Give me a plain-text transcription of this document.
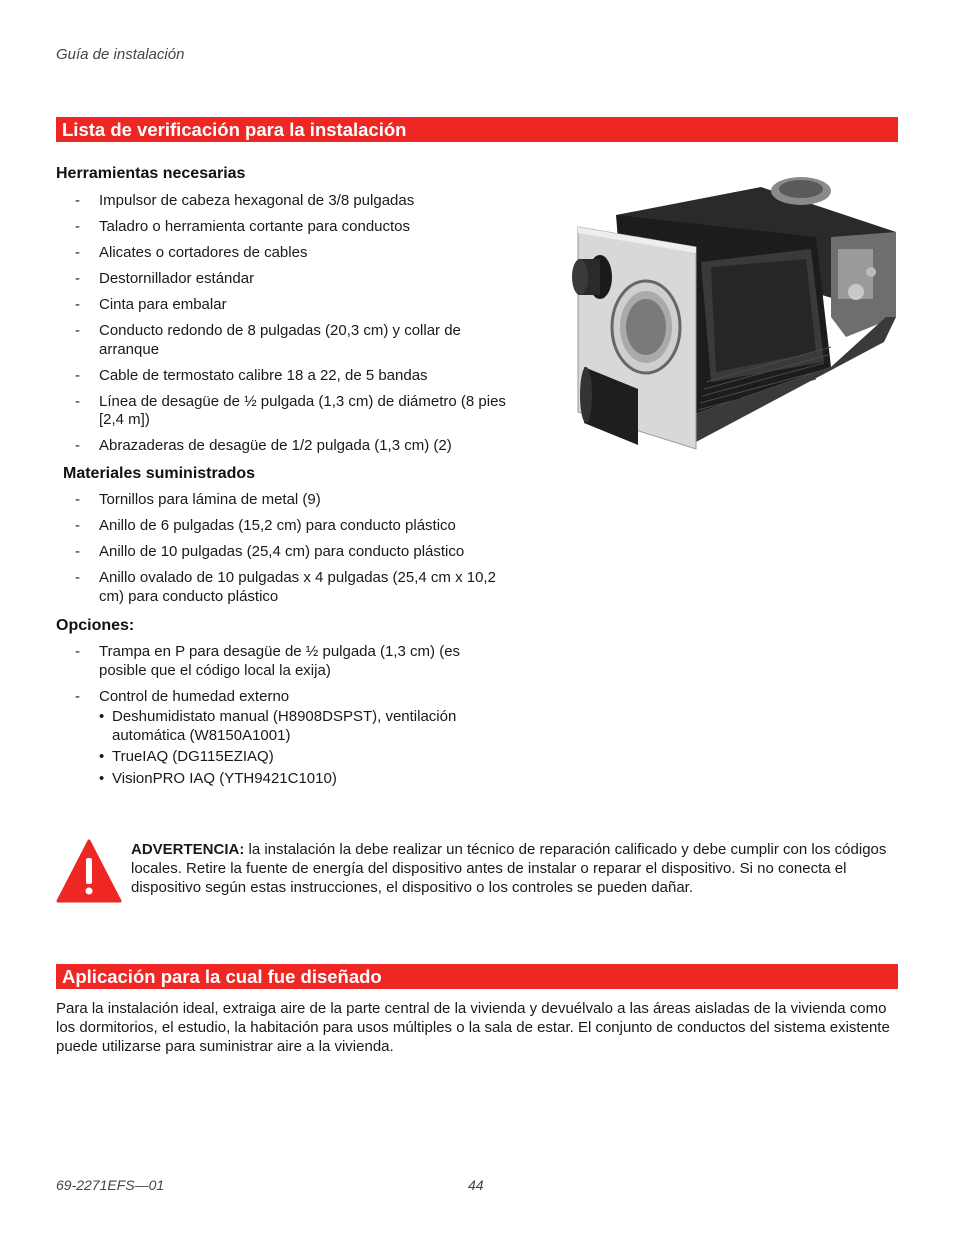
Guía de instalación
Lista de verificación para la instalación
Herramientas necesarias
- Impulsor de cabeza hexagonal de 3/8 pulgadas
- Taladro o herramienta cortante para conductos
- Alicates o cortadores de cables
- Destornillador estándar
- Cinta para embalar
- Conducto redondo de 8 pulgadas (20,3 cm) y collar de arranque
- Cable de termostato calibre 18 a 22, de 5 bandas
- Línea de desagüe de ½ pulgada (1,3 cm) de diámetro (8 pies [2,4 m])
- Abrazaderas de desagüe de 1/2 pulgada (1,3 cm) (2)
Materiales suministrados
- Tornillos para lámina de metal (9)
- Anillo de 6 pulgadas (15,2 cm) para conducto plástico
- Anillo de 10 pulgadas (25,4 cm) para conducto plástico
- Anillo ovalado de 10 pulgadas x 4 pulgadas (25,4 cm x 10,2 cm) para conducto plástico
Opciones:
- Trampa en P para desagüe de ½ pulgada (1,3 cm) (es posible que el código local la exija)
- Control de humedad externo
• Deshumidistato manual (H8908DSPST), ventilación automática (W8150A1001)
• TrueIAQ (DG115EZIAQ)
• VisionPRO IAQ (YTH9421C1010)
ADVERTENCIA: la instalación la debe realizar un técnico de reparación calificado y debe cumplir con los códigos locales. Retire la fuente de energía del dispositivo antes de instalar o reparar el dispositivo. Si no conecta el dispositivo según estas instrucciones, el dispositivo o los controles se pueden dañar.
Aplicación para la cual fue diseñado
Para la instalación ideal, extraiga aire de la parte central de la vivienda y devuélvalo a las áreas aisladas de la vivienda como los dormitorios, el estudio, la habitación para usos múltiples o la sala de estar. El conjunto de conductos del sistema existente puede utilizarse para suministrar aire a la vivienda.
69-2271EFS—01	44
